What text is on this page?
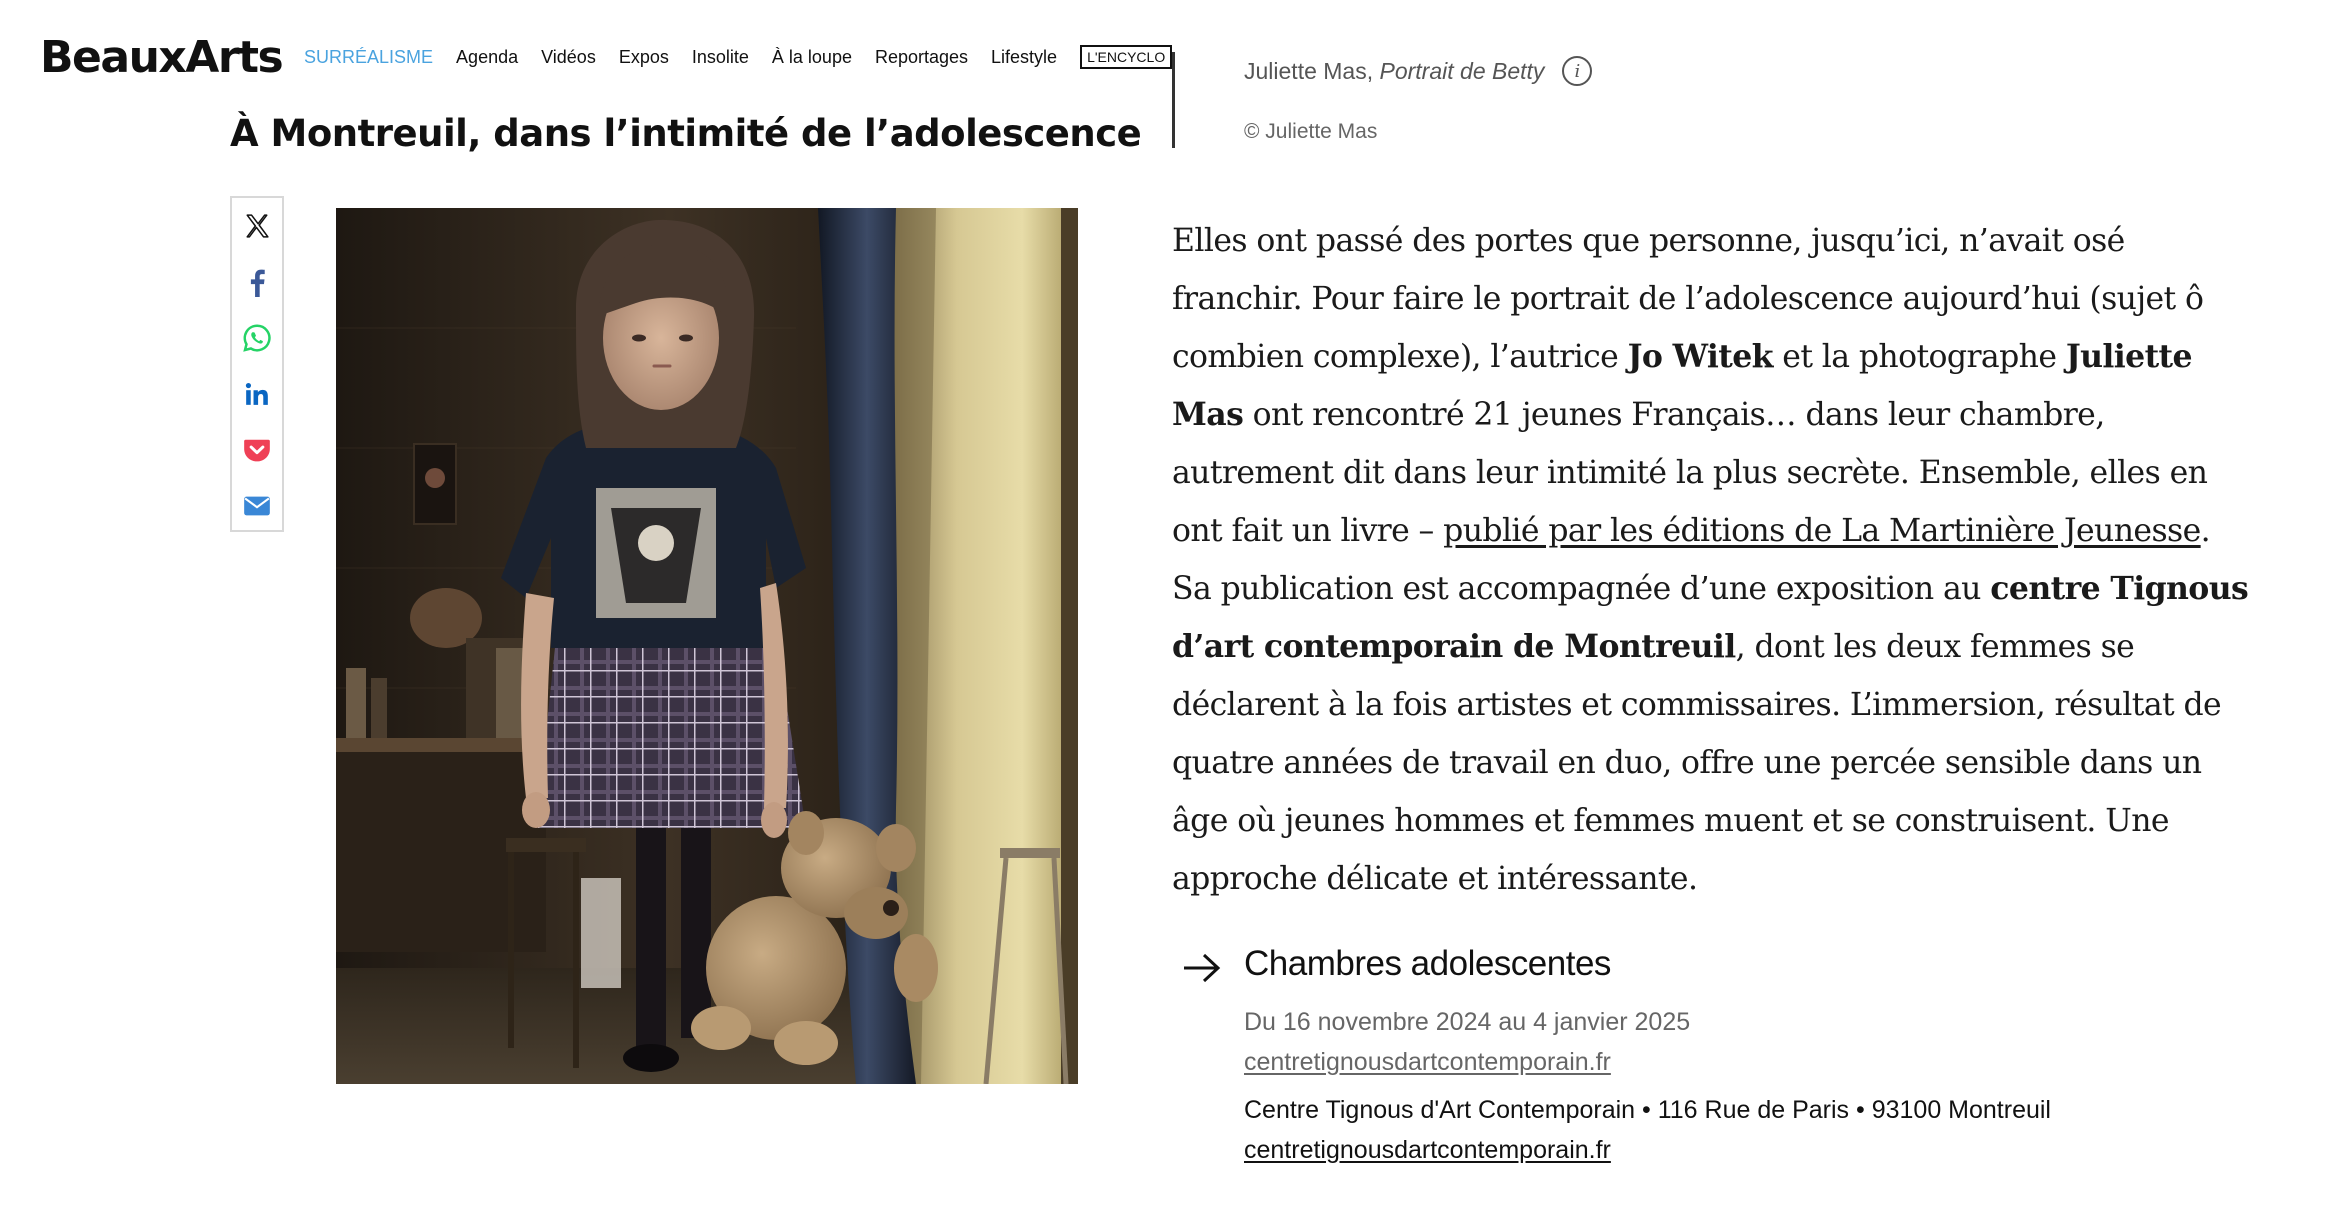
BeauxArts SURRÉALISME Agenda Vidéos Expos Insolite À la loupe Reportages Lifestyle	L'ENCYCLO
À Montreuil, dans l’intimité de l’adolescence
Juliette Mas,
Portrait de Betty	i
© Juliette Mas

Elles ont passé des portes que personne, jusqu’ici, n’avait osé franchir. Pour faire le portrait de l’adolescence aujourd’hui (sujet ô combien complexe), l’autrice Jo Witek et la photographe Juliette Mas ont rencontré 21 jeunes Français… dans leur chambre, autrement dit dans leur intimité la plus secrète. Ensemble, elles en ont fait un livre – publié par les éditions de La Martinière Jeunesse. Sa publication est accompagnée d’une exposition au centre Tignous d’art contemporain de Montreuil, dont les deux femmes se déclarent à la fois artistes et commissaires. L’immersion, résultat de quatre années de travail en duo, offre une percée sensible dans un âge où jeunes hommes et femmes muent et se construisent. Une approche délicate et intéressante.

Chambres adolescentes
Du 16 novembre 2024 au 4 janvier 2025
centretignousdartcontemporain.fr
Centre Tignous d'Art Contemporain • 116 Rue de Paris • 93100 Montreuil
centretignousdartcontemporain.fr
